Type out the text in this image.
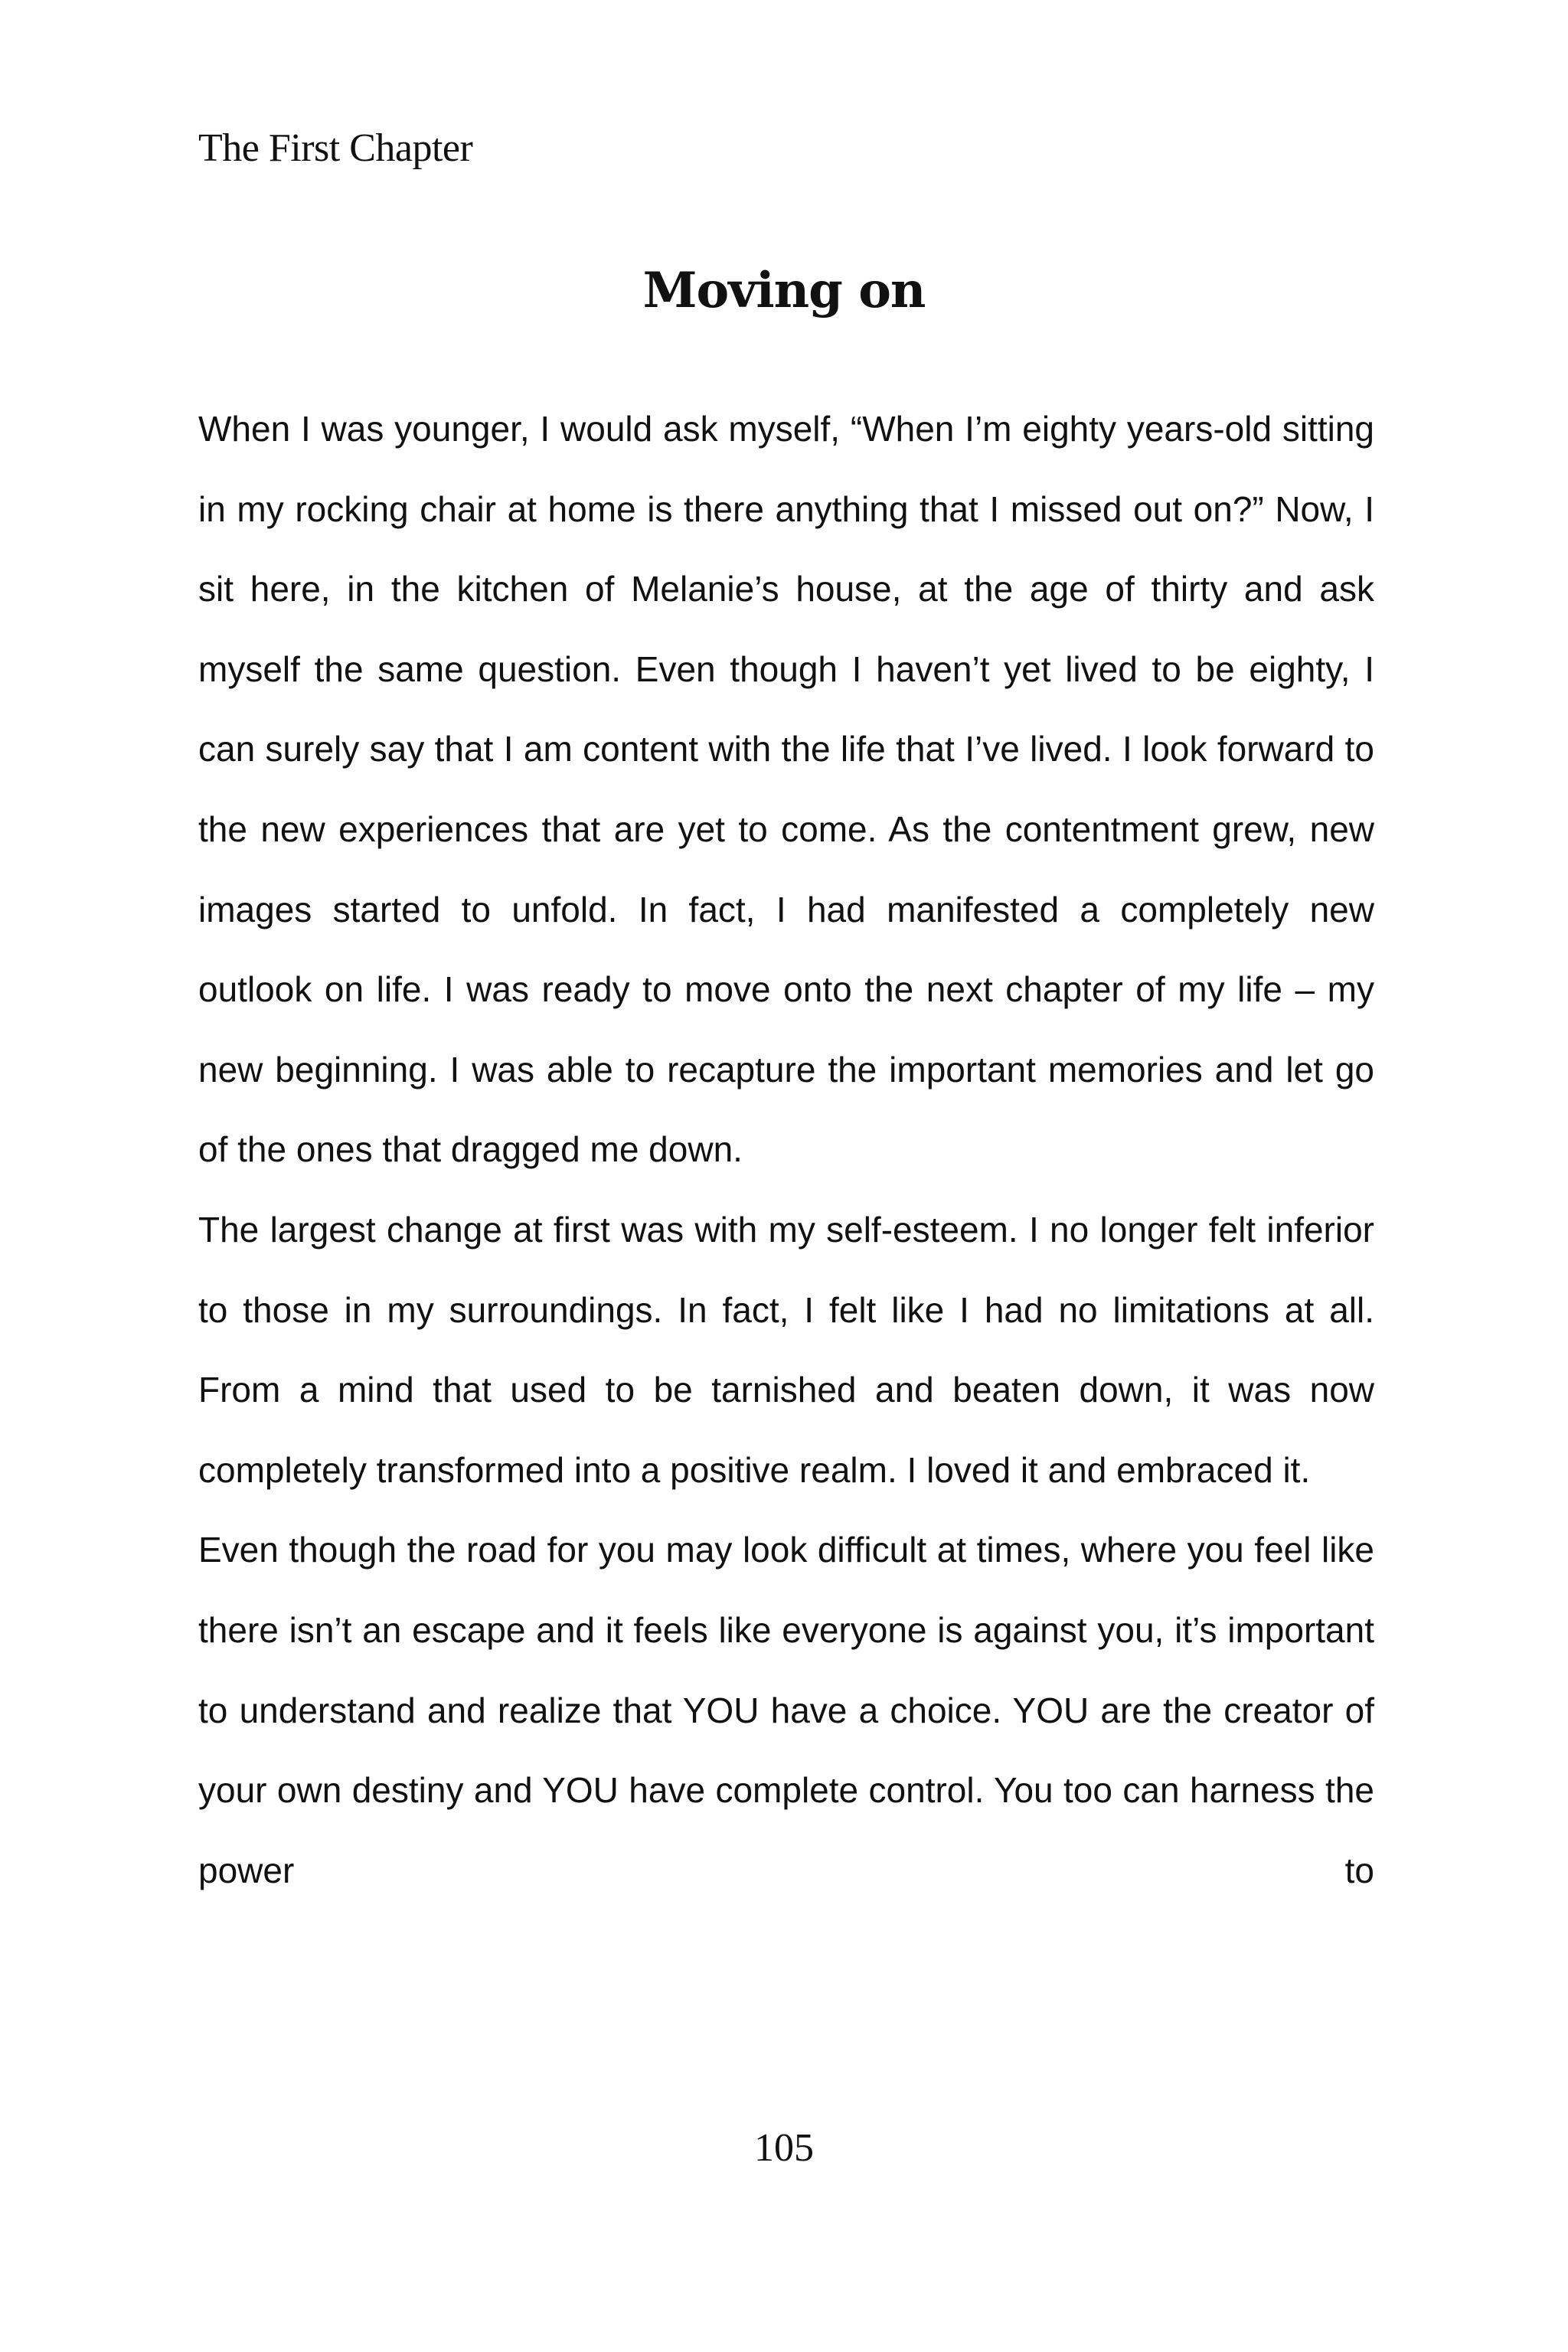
The First Chapter
Moving on

When I was younger, I would ask myself, “When I’m eighty years-old sitting in my rocking chair at home is there anything that I missed out on?” Now, I sit here, in the kitchen of Melanie’s house, at the age of thirty and ask myself the same question. Even though I haven’t yet lived to be eighty, I can surely say that I am content with the life that I’ve lived. I look forward to the new experiences that are yet to come. As the contentment grew, new images started to unfold. In fact, I had manifested a completely new outlook on life. I was ready to move onto the next chapter of my life – my new beginning. I was able to recapture the important memories and let go of the ones that dragged me down.

The largest change at first was with my self-esteem. I no longer felt inferior to those in my surroundings. In fact, I felt like I had no limitations at all. From a mind that used to be tarnished and beaten down, it was now completely transformed into a positive realm. I loved it and embraced it.

Even though the road for you may look difficult at times, where you feel like there isn’t an escape and it feels like everyone is against you, it’s important to understand and realize that YOU have a choice. YOU are the creator of your own destiny and YOU have complete control. You too can harness the power to

105
